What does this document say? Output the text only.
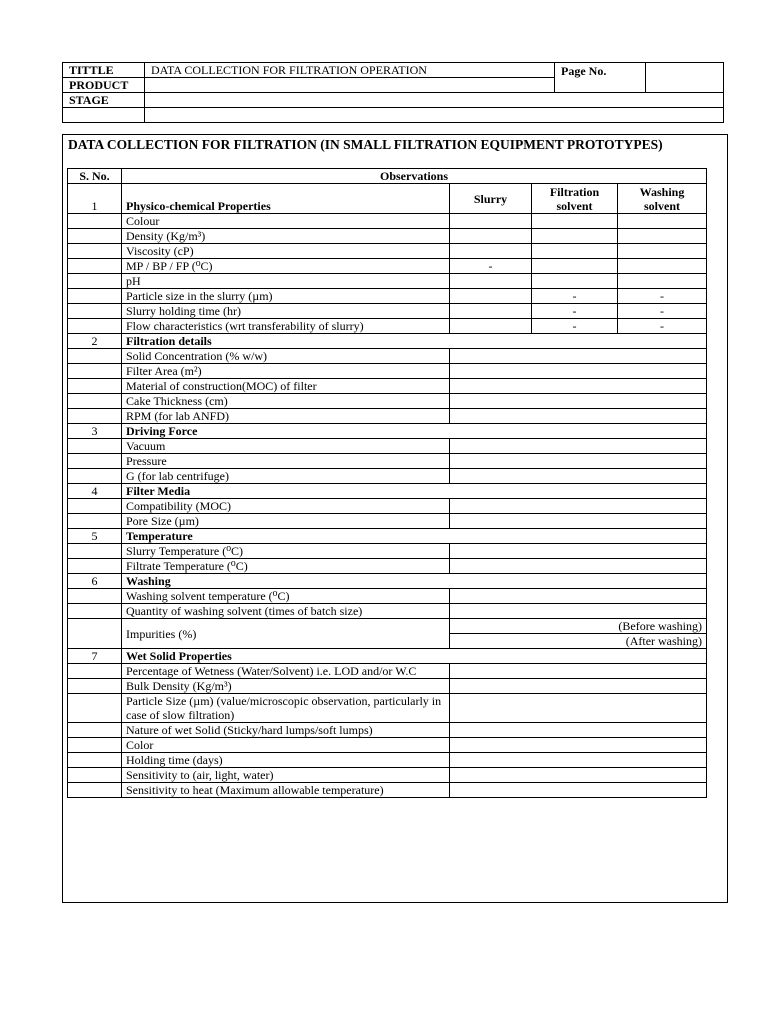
TITTLE	DATA COLLECTION FOR FILTRATION OPERATION	Page No.	
PRODUCT			
STAGE			

DATA COLLECTION FOR FILTRATION (IN SMALL FILTRATION EQUIPMENT PROTOTYPES)
S. No.	Observations			
1	Physico-chemical Properties	Slurry	Filtration solvent	Washing solvent
	Colour			
	Density (Kg/m³)			
	Viscosity (cP)			
	MP / BP / FP (⁰C)	-		
	pH			
	Particle size in the slurry (µm)		-	-
	Slurry holding time (hr)		-	-
	Flow characteristics (wrt transferability of slurry)		-	-
2	Filtration details			
	Solid Concentration (% w/w)			
	Filter Area (m²)			
	Material of construction(MOC) of filter			
	Cake Thickness (cm)			
	RPM (for lab ANFD)			
3	Driving Force			
	Vacuum			
	Pressure			
	G (for lab centrifuge)			
4	Filter Media			
	Compatibility (MOC)			
	Pore Size (µm)			
5	Temperature			
	Slurry Temperature (⁰C)			
	Filtrate Temperature (⁰C)			
6	Washing			
	Washing solvent temperature (⁰C)			
	Quantity of washing solvent (times of batch size)			
	Impurities (%)	(Before washing)		
		(After washing)		
7	Wet Solid Properties			
	Percentage of Wetness (Water/Solvent) i.e. LOD and/or W.C			
	Bulk Density (Kg/m³)			
	Particle Size (µm) (value/microscopic observation, particularly in case of slow filtration)			
	Nature of wet Solid (Sticky/hard lumps/soft lumps)			
	Color			
	Holding time (days)			
	Sensitivity to (air, light, water)			
	Sensitivity to heat (Maximum allowable temperature)			
